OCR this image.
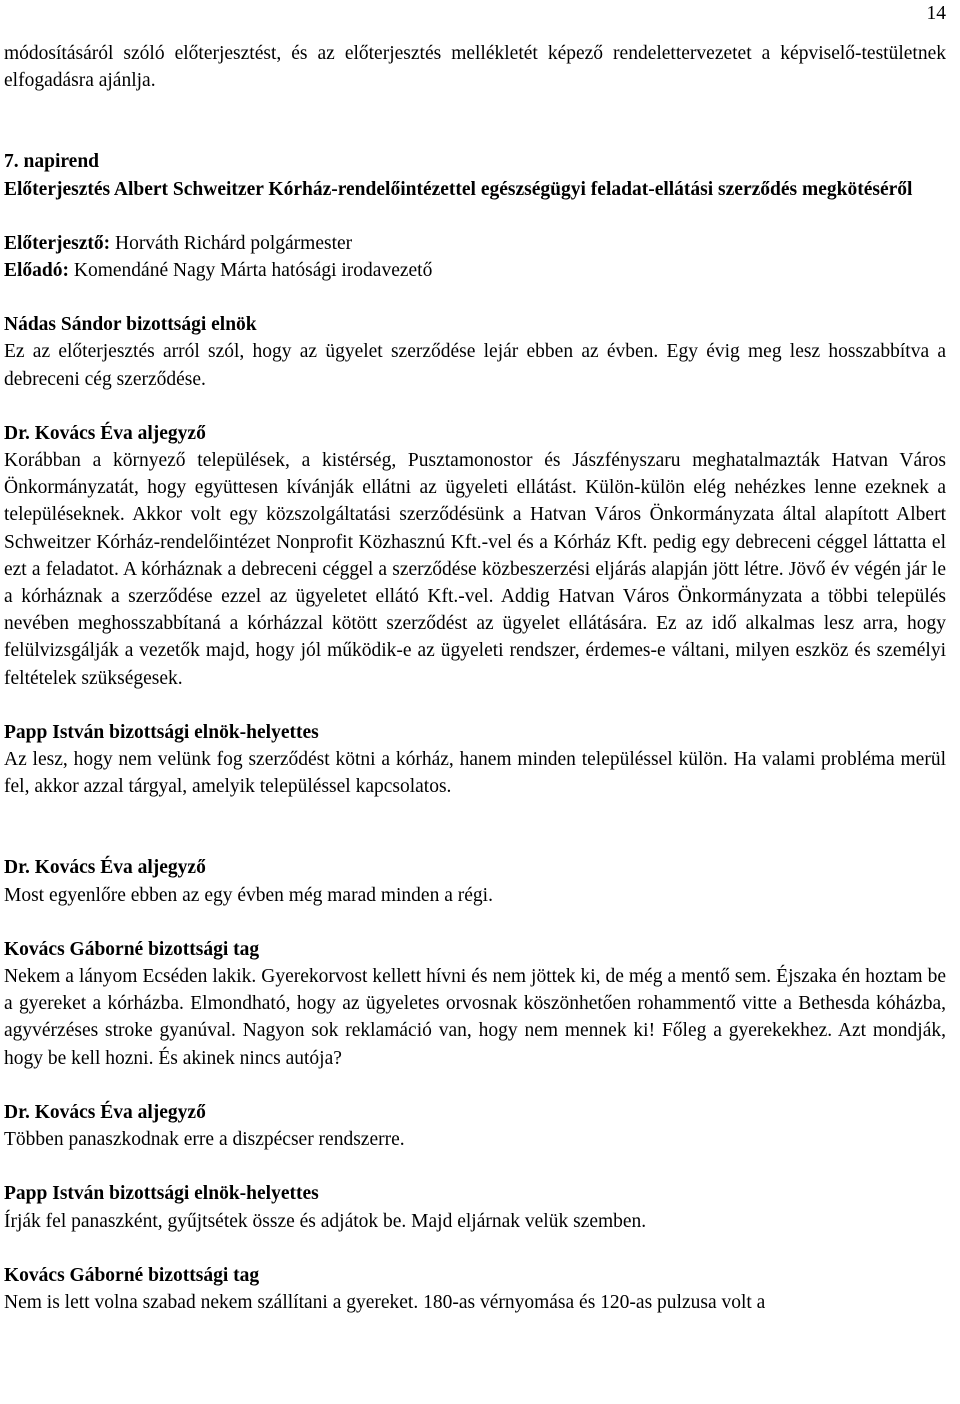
14

módosításáról szóló előterjesztést, és az előterjesztés mellékletét képező rendelettervezetet a képviselő-testületnek elfogadásra ajánlja.

7. napirend

Előterjesztés Albert Schweitzer Kórház-rendelőintézettel egészségügyi feladat-ellátási szerződés megkötéséről

Előterjesztő: Horváth Richárd polgármester

Előadó: Komendáné Nagy Márta hatósági irodavezető

Nádas Sándor bizottsági elnök

Ez az előterjesztés arról szól, hogy az ügyelet szerződése lejár ebben az évben. Egy évig meg lesz hosszabbítva a debreceni cég szerződése.

Dr. Kovács Éva aljegyző

Korábban a környező települések, a kistérség, Pusztamonostor és Jászfényszaru meghatalmazták Hatvan Város Önkormányzatát, hogy együttesen kívánják ellátni az ügyeleti ellátást. Külön-külön elég nehézkes lenne ezeknek a településeknek. Akkor volt egy közszolgáltatási szerződésünk a Hatvan Város Önkormányzata által alapított Albert Schweitzer Kórház-rendelőintézet Nonprofit Közhasznú Kft.-vel és a Kórház Kft. pedig egy debreceni céggel láttatta el ezt a feladatot. A kórháznak a debreceni céggel a szerződése közbeszerzési eljárás alapján jött létre. Jövő év végén jár le a kórháznak a szerződése ezzel az ügyeletet ellátó Kft.-vel. Addig Hatvan Város Önkormányzata a többi település nevében meghosszabbítaná a kórházzal kötött szerződést az ügyelet ellátására. Ez az idő alkalmas lesz arra, hogy felülvizsgálják a vezetők majd, hogy jól működik-e az ügyeleti rendszer, érdemes-e váltani, milyen eszköz és személyi feltételek szükségesek.

Papp István bizottsági elnök-helyettes

Az lesz, hogy nem velünk fog szerződést kötni a kórház, hanem minden településsel külön. Ha valami probléma merül fel, akkor azzal tárgyal, amelyik településsel kapcsolatos.

Dr. Kovács Éva aljegyző

Most egyenlőre ebben az egy évben még marad minden a régi.

Kovács Gáborné bizottsági tag

Nekem a lányom Ecséden lakik. Gyerekorvost kellett hívni és nem jöttek ki, de még a mentő sem. Éjszaka én hoztam be a gyereket a kórházba. Elmondható, hogy az ügyeletes orvosnak köszönhetően rohammentő vitte a Bethesda kóházba, agyvérzéses stroke gyanúval. Nagyon sok reklamáció van, hogy nem mennek ki! Főleg a gyerekekhez. Azt mondják, hogy be kell hozni. És akinek nincs autója?

Dr. Kovács Éva aljegyző

Többen panaszkodnak erre a diszpécser rendszerre.

Papp István bizottsági elnök-helyettes

Írják fel panaszként, gyűjtsétek össze és adjátok be. Majd eljárnak velük szemben.

Kovács Gáborné bizottsági tag

Nem is lett volna szabad nekem szállítani a gyereket. 180-as vérnyomása és 120-as pulzusa volt a
